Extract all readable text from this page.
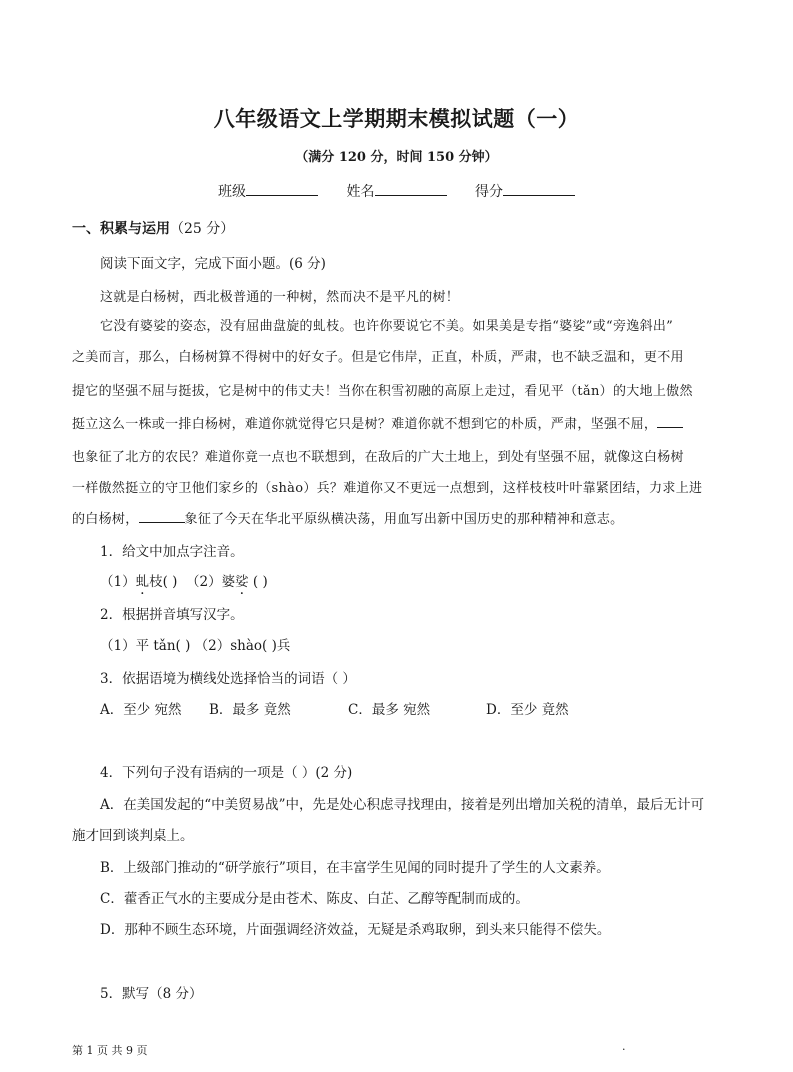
八年级语文上学期期末模拟试题（一）
（满分 120 分，时间 150 分钟）
班级	姓名	得分
一、积累与运用（25 分）
阅读下面文字，完成下面小题。(6 分)
这就是白杨树，西北极普通的一种树，然而决不是平凡的树！
它没有婆娑的姿态，没有屈曲盘旋的虬枝。也许你要说它不美。如果美是专指“婆娑”或“旁逸斜出”
之美而言，那么，白杨树算不得树中的好女子。但是它伟岸，正直，朴质，严肃，也不缺乏温和，更不用
提它的坚强不屈与挺拔，它是树中的伟丈夫！当你在积雪初融的高原上走过，看见平（tǎn）的大地上傲然
挺立这么一株或一排白杨树，难道你就觉得它只是树？难道你就不想到它的朴质，严肃，坚强不屈，
也象征了北方的农民？难道你竟一点也不联想到，在敌后的广大土地上，到处有坚强不屈，就像这白杨树
一样傲然挺立的守卫他们家乡的（shào）兵？难道你又不更远一点想到，这样枝枝叶叶靠紧团结，力求上进
的白杨树，	象征了今天在华北平原纵横决荡，用血写出新中国历史的那种精神和意志。
1．给文中加点字注音。
（1）虬枝( ) （2）婆娑 ( )
2．根据拼音填写汉字。
（1）平 tǎn( ) （2）shào( )兵
3．依据语境为横线处选择恰当的词语（ ）
A．至少 宛然 B．最多 竟然	C．最多 宛然	D．至少 竟然
4．下列句子没有语病的一项是（ ）(2 分)
A．在美国发起的“中美贸易战”中，先是处心积虑寻找理由，接着是列出增加关税的清单，最后无计可
施才回到谈判桌上。
B．上级部门推动的“研学旅行”项目，在丰富学生见闻的同时提升了学生的人文素养。
C．藿香正气水的主要成分是由苍术、陈皮、白芷、乙醇等配制而成的。
D．那种不顾生态环境，片面强调经济效益，无疑是杀鸡取卵，到头来只能得不偿失。
5．默写（8 分）
第 1 页 共 9 页	.
